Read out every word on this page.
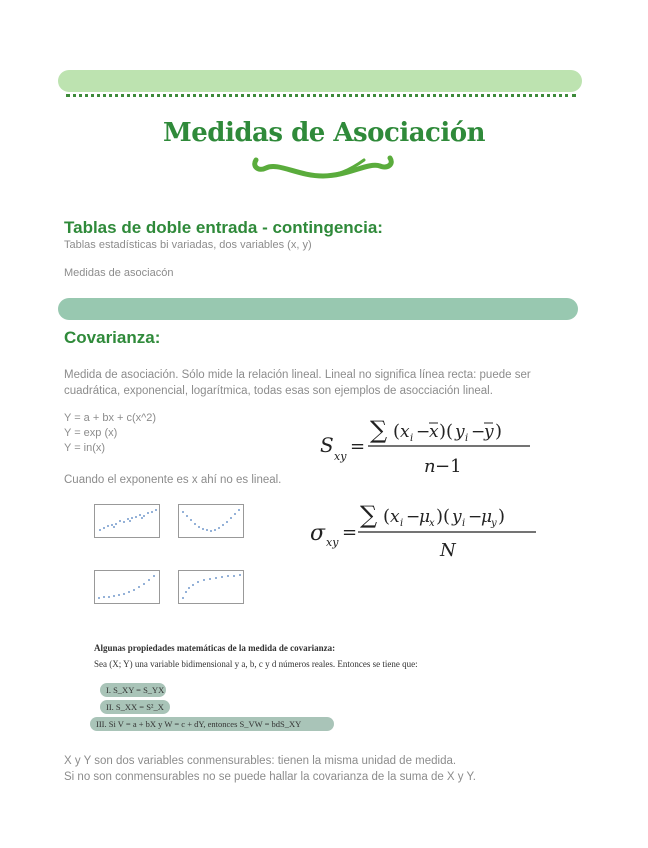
Medidas de Asociación
Tablas de doble entrada - contingencia:
Tablas estadísticas bi variadas, dos variables (x, y)
Medidas de asociacón
Covarianza:
Medida de asociación. Sólo mide la relación lineal. Lineal no significa línea recta: puede ser
cuadrática, exponencial, logarítmica, todas esas son ejemplos de asocciación lineal.
Y = a + bx + c(x^2)
Y = exp (x)
Y = in(x)
Cuando el exponente es x ahí no es lineal.
S xy =
∑ ( x i −
x )( y i −
y )
n −1
σ xy =
∑ ( x i −
μ
x )( y i −
μ
y )
N
Algunas propiedades matemáticas de la medida de covarianza:
Sea (X; Y) una variable bidimensional y a, b, c y d números reales. Entonces se tiene que:
I. S_XY = S_YX
II. S_XX = S²_X
III. Si V = a + bX y W = c + dY, entonces S_VW = bdS_XY
X y Y son dos variables conmensurables: tienen la misma unidad de medida.
Si no son conmensurables no se puede hallar la covarianza de la suma de X y Y.
